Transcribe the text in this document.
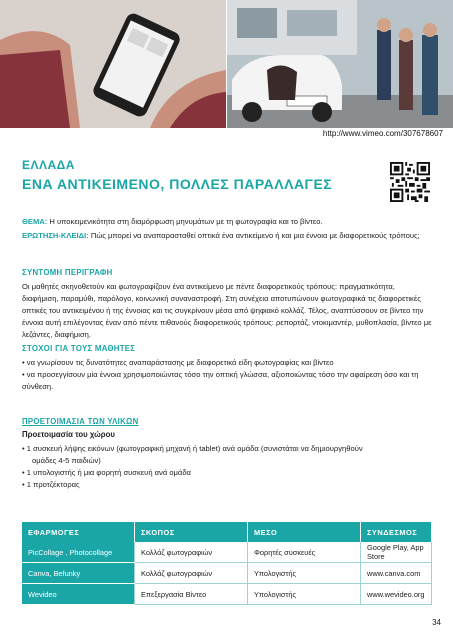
http://www.vimeo.com/307678607
ΕΛΛΑΔΑ
ΕΝΑ ΑΝΤΙΚΕΙΜΕΝΟ, ΠΟΛΛΕΣ ΠΑΡΑΛΛΑΓΕΣ
ΘΕΜΑ: Η υποκειμενικότητα στη διαμόρφωση μηνυμάτων με τη φωτογραφία και το βίντεο.
ΕΡΩΤΗΣΗ-ΚΛΕΙΔΙ: Πώς μπορεί να αναπαρασταθεί οπτικά ένα αντικείμενο ή και μια έννοια με διαφορετικούς τρόπους;
ΣΥΝΤΟΜΗ ΠΕΡΙΓΡΑΦΗ
Οι μαθητές σκηνοθετούν και φωτογραφίζουν ένα αντικείμενο με πέντε διαφορετικούς τρόπους: πραγματικότητα, διαφήμιση, παραμύθι, παρόλογο, κοινωνική συναναστροφή. Στη συνέχεια αποτυπώνουν φωτογραφικά τις διαφορετικές οπτικές του αντικειμένου ή της έννοιας και τις συγκρίνουν μέσα από ψηφιακό κολλάζ. Τέλος, αναπτύσσουν σε βίντεο την έννοια αυτή επιλέγοντας έναν από πέντε πιθανούς διαφορετικούς τρόπους: ρεπορτάζ, ντοκιμαντέρ, μυθοπλασία, βίντεο με λεζάντες, διαφήμιση.
ΣΤΟΧΟΙ ΓΙΑ ΤΟΥΣ ΜΑΘΗΤΕΣ
• να γνωρίσουν τις δυνατότητες αναπαράστασης με διαφορετικά είδη φωτογραφίας και βίντεο
• να προσεγγίσουν μία έννοια χρησιμοποιώντας τόσο την οπτική γλώσσα, αξιοποιώντας τόσο την αφαίρεση όσο και τη σύνθεση.
ΠΡΟΕΤΟΙΜΑΣΙΑ ΤΩΝ ΥΛΙΚΩΝ
Προετοιμασία του χώρου
• 1 συσκευή λήψης εικόνων (φωτογραφική μηχανή ή tablet) ανά ομάδα (συνιστάται να δημιουργηθούν
ομάδες 4-5 παιδιών)
• 1 υπολογιστής ή μια φορητή συσκευή ανά ομάδα
• 1 προτζέκτορας
ΕΦΑΡΜΟΓΕΣ	ΣΚΟΠΟΣ	ΜΕΣΟ	ΣΥΝΔΕΣΜΟΣ
PicCollage , Photocollage	Κολλάζ φωτογραφιών	Φορητές συσκευές	Google Play, App Store
Canva, Befunky	Κολλάζ φωτογραφιών	Υπολογιστής	www.canva.com
Wevideo	Επεξεργασία Βίντεο	Υπολογιστής	www.wevideo.org
34
